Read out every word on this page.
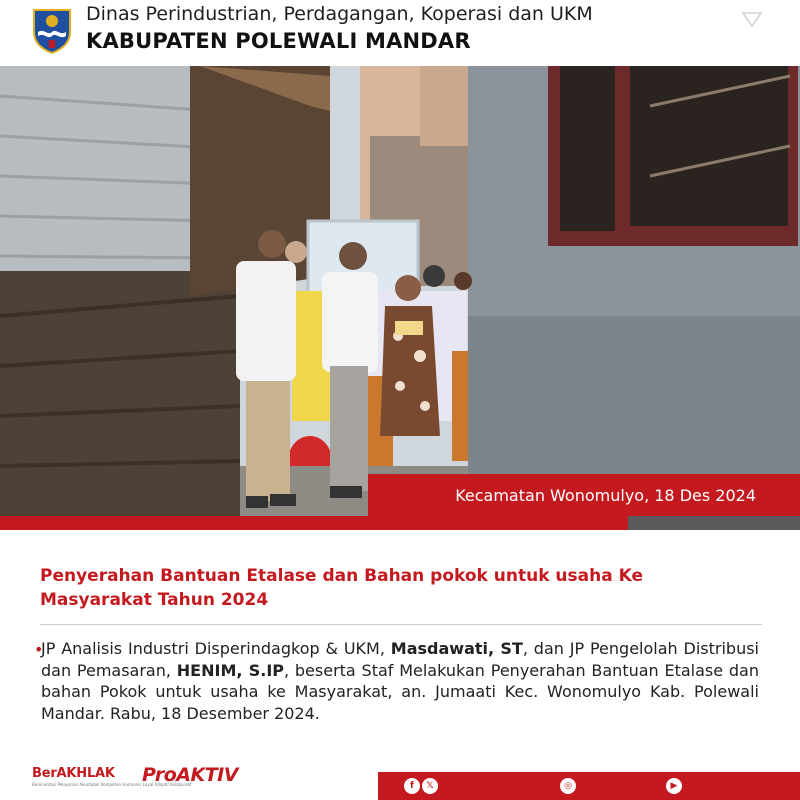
Dinas Perindustrian, Perdagangan, Koperasi dan UKM
KABUPATEN POLEWALI MANDAR
Kecamatan Wonomulyo, 18 Des 2024
Penyerahan Bantuan Etalase dan Bahan pokok untuk usaha Ke Masyarakat Tahun 2024
•
JP Analisis Industri Disperindagkop & UKM, Masdawati, ST, dan JP Pengelolah Distribusi dan Pemasaran, HENIM, S.IP, beserta Staf Melakukan Penyerahan Bantuan Etalase dan bahan Pokok untuk usaha ke Masyarakat, an. Jumaati Kec. Wonomulyo Kab. Polewali Mandar. Rabu, 18 Desember 2024.
BerAKHLAK
Berorientasi Pelayanan Akuntabel Kompeten Harmonis Loyal Adaptif Kolaboratif
ProAKTIV	f	𝕏	◎	▶
